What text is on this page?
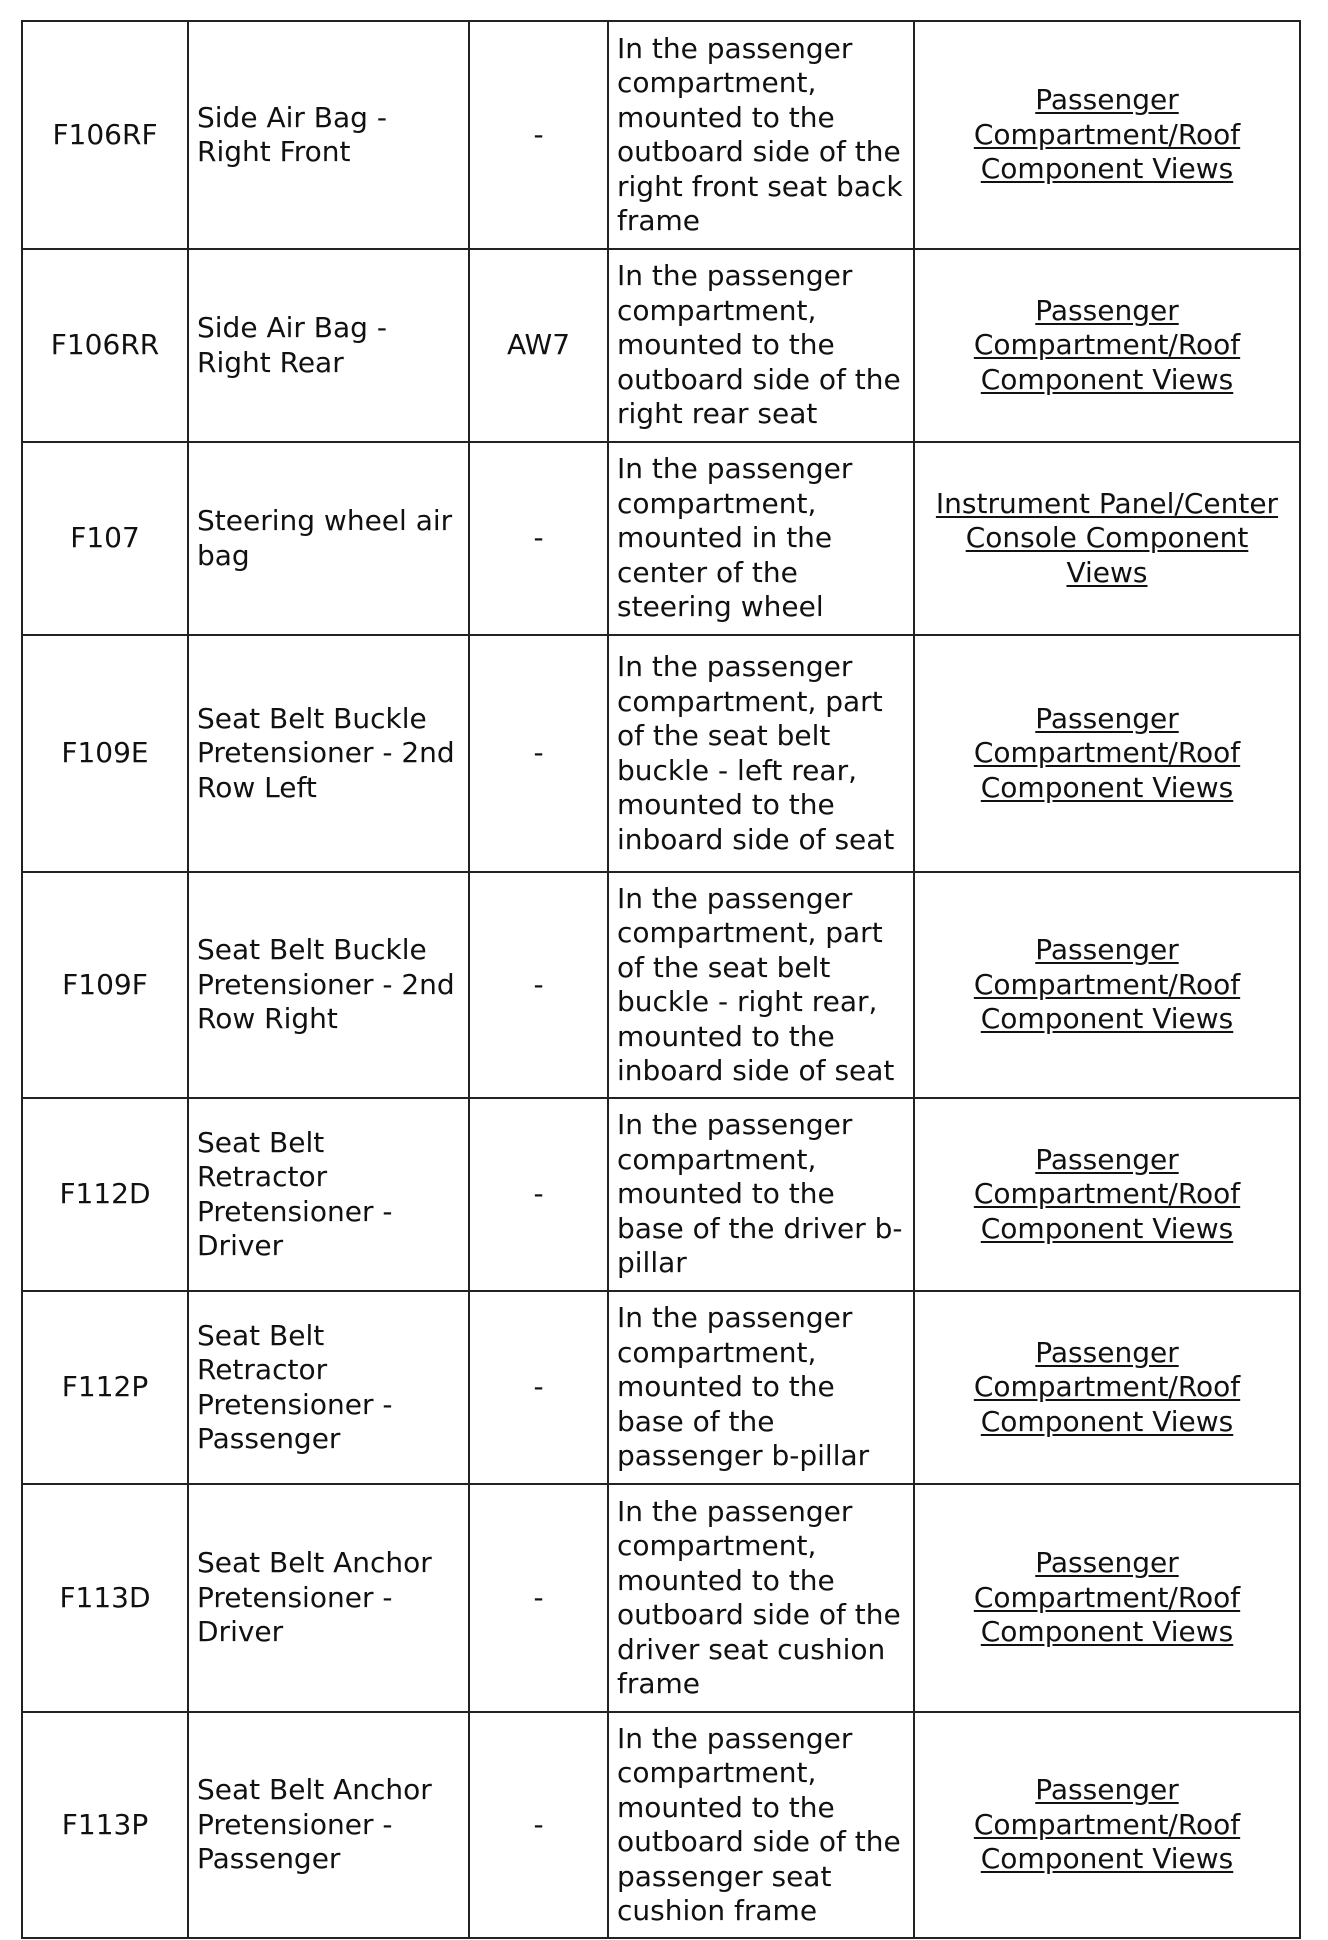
F106RF	Side Air Bag - Right Front	-	In the passenger compartment, mounted to the outboard side of the right front seat back frame	Passenger Compartment/Roof Component Views
F106RR	Side Air Bag - Right Rear	AW7	In the passenger compartment, mounted to the outboard side of the right rear seat	Passenger Compartment/Roof Component Views
F107	Steering wheel air bag	-	In the passenger compartment, mounted in the center of the steering wheel	Instrument Panel/Center Console Component Views
F109E	Seat Belt Buckle Pretensioner - 2nd Row Left	-	In the passenger compartment, part of the seat belt buckle - left rear, mounted to the inboard side of seat	Passenger Compartment/Roof Component Views
F109F	Seat Belt Buckle Pretensioner - 2nd Row Right	-	In the passenger compartment, part of the seat belt buckle - right rear, mounted to the inboard side of seat	Passenger Compartment/Roof Component Views
F112D	Seat Belt Retractor Pretensioner - Driver	-	In the passenger compartment, mounted to the base of the driver b-pillar	Passenger Compartment/Roof Component Views
F112P	Seat Belt Retractor Pretensioner - Passenger	-	In the passenger compartment, mounted to the base of the passenger b-pillar	Passenger Compartment/Roof Component Views
F113D	Seat Belt Anchor Pretensioner - Driver	-	In the passenger compartment, mounted to the outboard side of the driver seat cushion frame	Passenger Compartment/Roof Component Views
F113P	Seat Belt Anchor Pretensioner - Passenger	-	In the passenger compartment, mounted to the outboard side of the passenger seat cushion frame	Passenger Compartment/Roof Component Views
